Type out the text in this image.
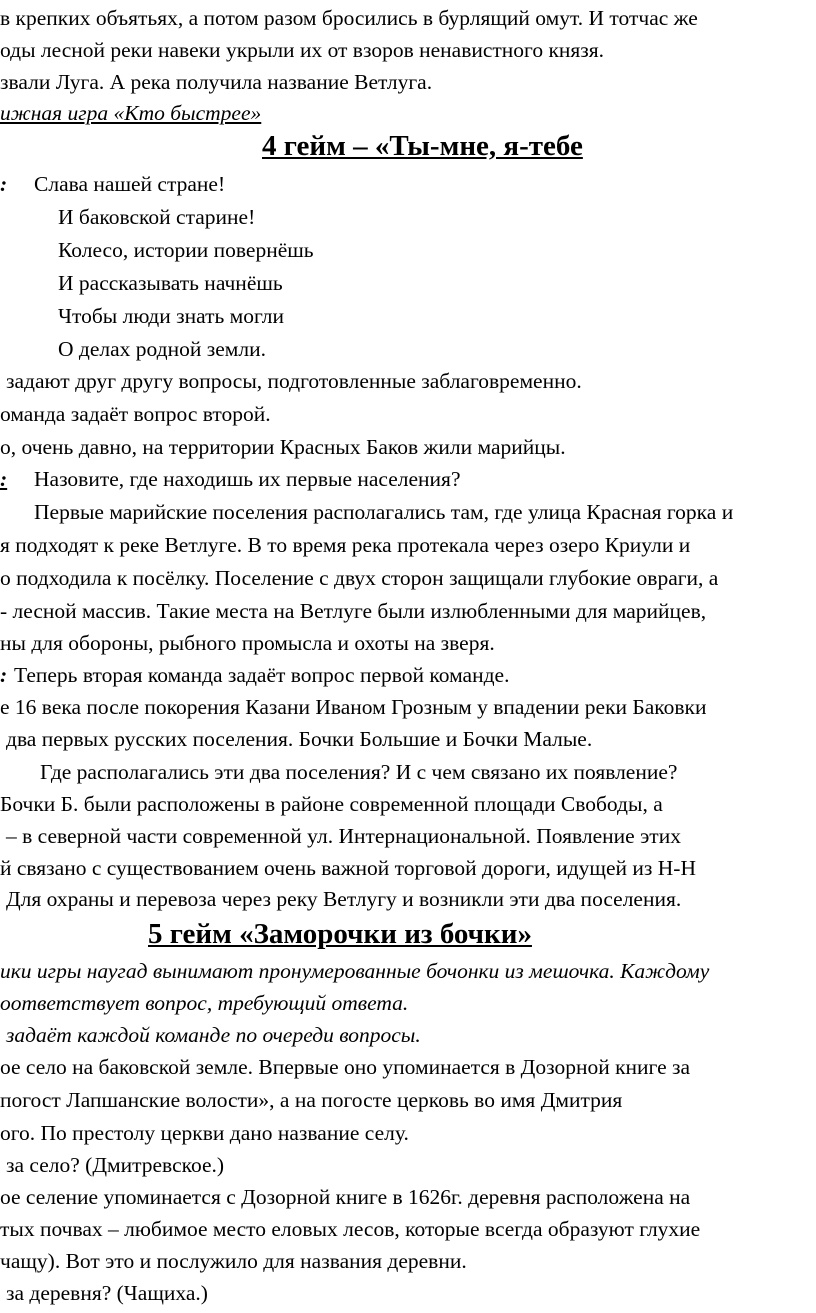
в крепких объятьях, а потом разом бросились в бурлящий омут. И тотчас же
оды лесной реки навеки укрыли их от взоров ненавистного князя.
звали Луга. А река получила название Ветлуга.
ижная игра «Кто быстрее»
4 гейм – «Ты-мне, я-тебе
: Слава нашей стране!
И баковской старине!
Колесо, истории повернёшь
И рассказывать начнёшь
Чтобы люди знать могли
О делах родной земли.
задают друг другу вопросы, подготовленные заблаговременно.
оманда задаёт вопрос второй.
о, очень давно, на территории Красных Баков жили марийцы.
: Назовите, где находишь их первые населения?
Первые марийские поселения располагались там, где улица Красная горка и
я подходят к реке Ветлуге. В то время река протекала через озеро Криули и
о подходила к посёлку. Поселение с двух сторон защищали глубокие овраги, а
- лесной массив. Такие места на Ветлуге были излюбленными для марийцев,
ны для обороны, рыбного промысла и охоты на зверя.
: Теперь вторая команда задаёт вопрос первой команде.
е 16 века после покорения Казани Иваном Грозным у впадении реки Баковки
два первых русских поселения. Бочки Большие и Бочки Малые.
Где располагались эти два поселения? И с чем связано их появление?
Бочки Б. были расположены в районе современной площади Свободы, а
– в северной части современной ул. Интернациональной. Появление этих
й связано с существованием очень важной торговой дороги, идущей из Н-Н
Для охраны и перевоза через реку Ветлугу и возникли эти два поселения.
5 гейм «Заморочки из бочки»
ики игры наугад вынимают пронумерованные бочонки из мешочка. Каждому
оответствует вопрос, требующий ответа.
задаёт каждой команде по очереди вопросы.
ое село на баковской земле. Впервые оно упоминается в Дозорной книге за
погост Лапшанские волости», а на погосте церковь во имя Дмитрия
ого. По престолу церкви дано название селу.
за село? (Дмитревское.)
ое селение упоминается с Дозорной книге в 1626г. деревня расположена на
тых почвах – любимое место еловых лесов, которые всегда образуют глухие
чащу). Вот это и послужило для названия деревни.
за деревня? (Чащиха.)
